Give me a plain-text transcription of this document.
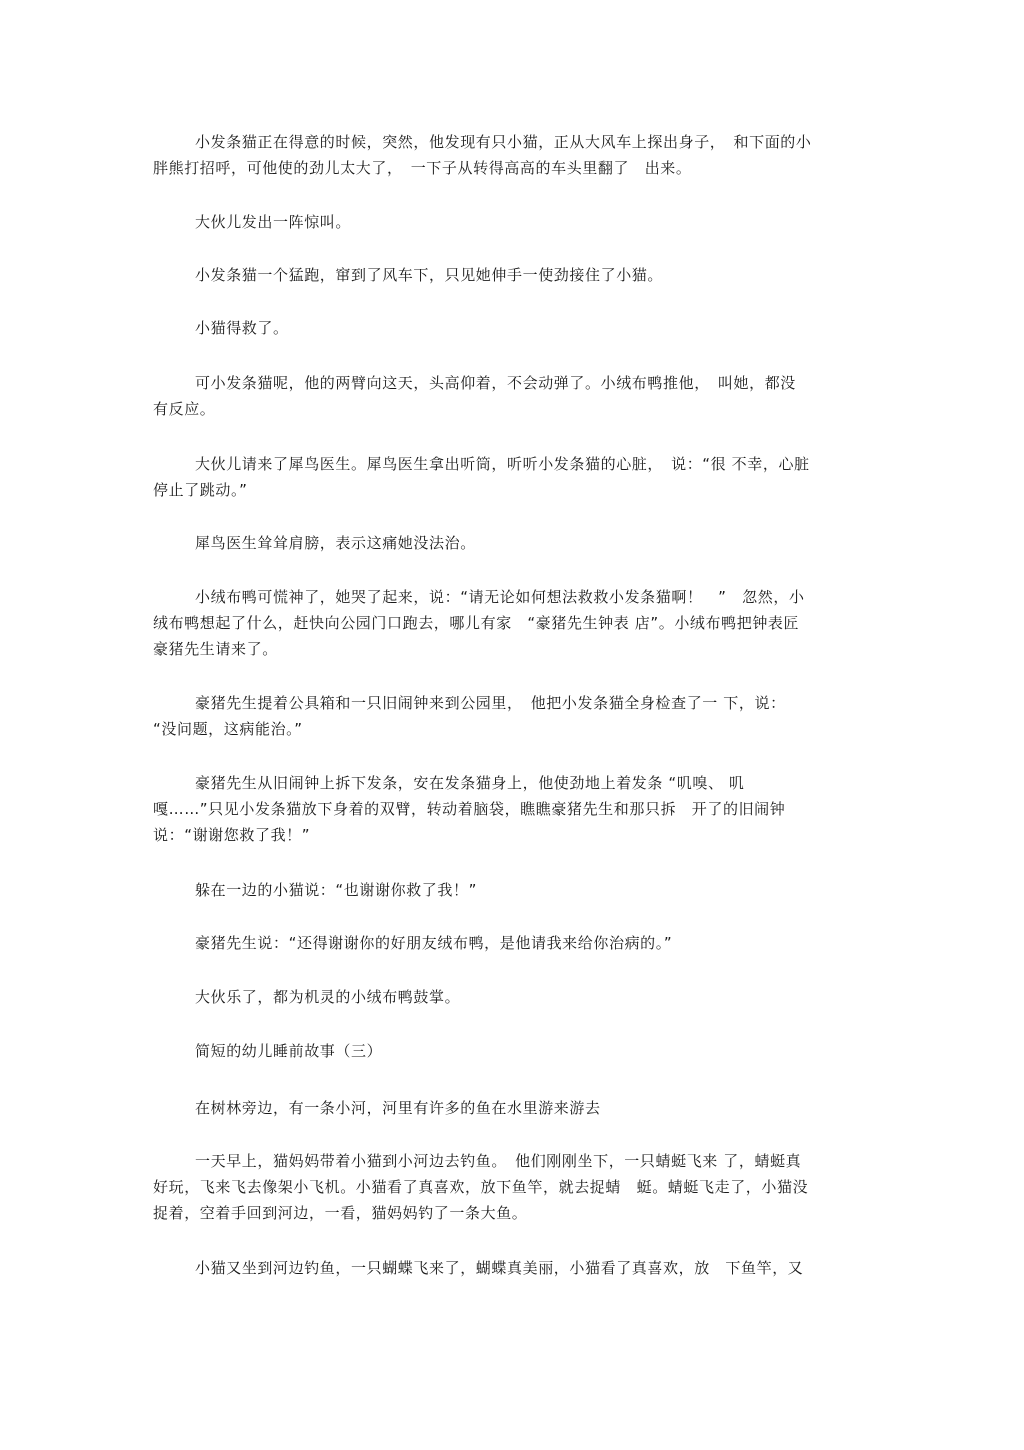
小发条猫正在得意的时候，突然，他发现有只小猫，正从大风车上探出身子，　和下面的小
胖熊打招呼，可他使的劲儿太大了，　一下子从转得高高的车头里翻了　出来。
大伙儿发出一阵惊叫。
小发条猫一个猛跑，窜到了风车下，只见她伸手一使劲接住了小猫。
小猫得救了。
可小发条猫呢，他的两臂向这天，头高仰着，不会动弹了。小绒布鸭推他，　叫她，都没
有反应。
大伙儿请来了犀鸟医生。犀鸟医生拿出听筒，听听小发条猫的心脏，　说：“很 不幸，心脏
停止了跳动。”
犀鸟医生耸耸肩膀，表示这痛她没法治。
小绒布鸭可慌神了，她哭了起来，说：“请无论如何想法救救小发条猫啊！　”　忽然，小
绒布鸭想起了什么，赶快向公园门口跑去，哪儿有家　“豪猪先生钟表 店”。小绒布鸭把钟表匠
豪猪先生请来了。
豪猪先生提着公具箱和一只旧闹钟来到公园里，　他把小发条猫全身检查了一 下，说：
“没问题，这病能治。”
豪猪先生从旧闹钟上拆下发条，安在发条猫身上，他使劲地上着发条 “叽嗅、 叽
嘎……”只见小发条猫放下身着的双臂，转动着脑袋，瞧瞧豪猪先生和那只拆　开了的旧闹钟
说：“谢谢您救了我！”
躲在一边的小猫说：“也谢谢你救了我！”
豪猪先生说：“还得谢谢你的好朋友绒布鸭，是他请我来给你治病的。”
大伙乐了，都为机灵的小绒布鸭鼓掌。
简短的幼儿睡前故事（三）
在树林旁边，有一条小河，河里有许多的鱼在水里游来游去
一天早上，猫妈妈带着小猫到小河边去钓鱼。　他们刚刚坐下，一只蜻蜓飞来 了，蜻蜓真
好玩，飞来飞去像架小飞机。小猫看了真喜欢，放下鱼竿，就去捉蜻　蜓。蜻蜓飞走了，小猫没
捉着，空着手回到河边，一看，猫妈妈钓了一条大鱼。
小猫又坐到河边钓鱼，一只蝴蝶飞来了，蝴蝶真美丽，小猫看了真喜欢，放　下鱼竿，又
